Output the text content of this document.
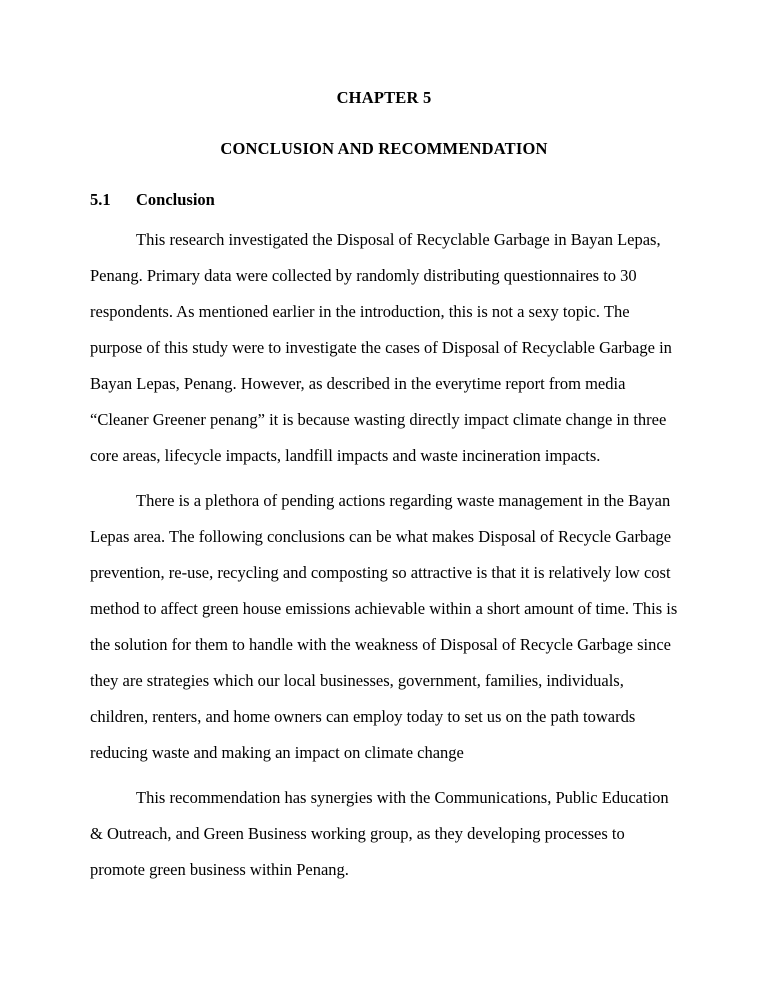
CHAPTER 5
CONCLUSION AND RECOMMENDATION
5.1	Conclusion

This research investigated the Disposal of Recyclable Garbage in Bayan Lepas, Penang. Primary data were collected by randomly distributing questionnaires to 30 respondents. As mentioned earlier in the introduction, this is not a sexy topic. The purpose of this study were to investigate the cases of Disposal of Recyclable Garbage in Bayan Lepas, Penang. However, as described in the everytime report from media “Cleaner Greener penang” it is because wasting directly impact climate change in three core areas, lifecycle impacts, landfill impacts and waste incineration impacts.

There is a plethora of pending actions regarding waste management in the Bayan Lepas area. The following conclusions can be what makes Disposal of Recycle Garbage prevention, re-use, recycling and composting so attractive is that it is relatively low cost method to affect green house emissions achievable within a short amount of time. This is the solution for them to handle with the weakness of Disposal of Recycle Garbage since they are strategies which our local businesses, government, families, individuals, children, renters, and home owners can employ today to set us on the path towards reducing waste and making an impact on climate change

This recommendation has synergies with the Communications, Public Education & Outreach, and Green Business working group, as they developing processes to promote green business within Penang.
